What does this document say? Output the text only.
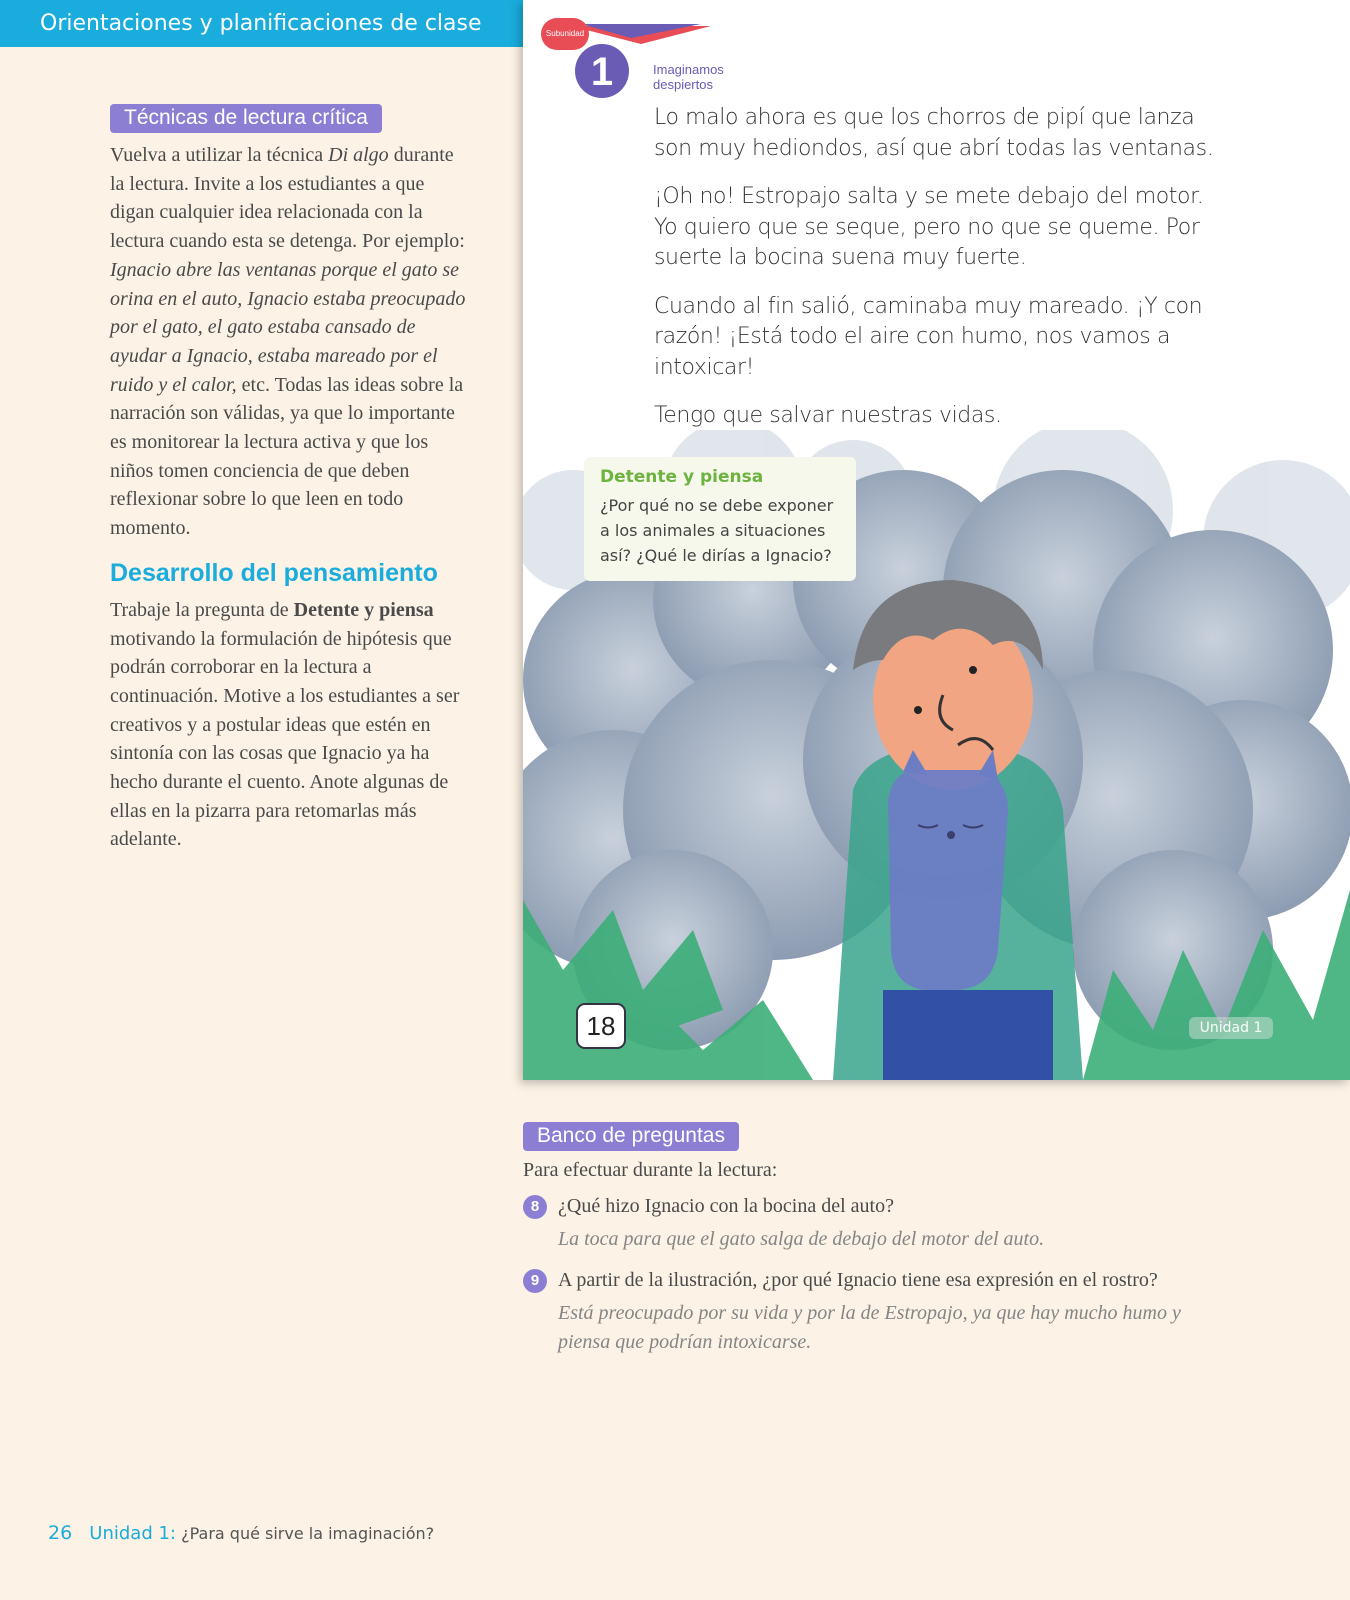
Orientaciones y planificaciones de clase
Técnicas de lectura crítica

Vuelva a utilizar la técnica Di algo durante la lectura. Invite a los estudiantes a que digan cualquier idea relacionada con la lectura cuando esta se detenga. Por ejemplo: Ignacio abre las ventanas porque el gato se orina en el auto, Ignacio estaba preocupado por el gato, el gato estaba cansado de ayudar a Ignacio, estaba mareado por el ruido y el calor, etc. Todas las ideas sobre la narración son válidas, ya que lo importante es monitorear la lectura activa y que los niños tomen conciencia de que deben reflexionar sobre lo que leen en todo momento.

Desarrollo del pensamiento

Trabaje la pregunta de Detente y piensa motivando la formulación de hipótesis que podrán corroborar en la lectura a continuación. Motive a los estudiantes a ser creativos y a postular ideas que estén en sintonía con las cosas que Ignacio ya ha hecho durante el cuento. Anote algunas de ellas en la pizarra para retomarlas más adelante.

Subunidad
1	Imaginamos despiertos

Lo malo ahora es que los chorros de pipí que lanza son muy hediondos, así que abrí todas las ventanas.

¡Oh no! Estropajo salta y se mete debajo del motor. Yo quiero que se seque, pero no que se queme. Por suerte la bocina suena muy fuerte.

Cuando al fin salió, caminaba muy mareado. ¡Y con razón! ¡Está todo el aire con humo, nos vamos a intoxicar!

Tengo que salvar nuestras vidas.

Detente y piensa
¿Por qué no se debe exponer a los animales a situaciones así? ¿Qué le dirías a Ignacio?
18	Unidad 1
Banco de preguntas
Para efectuar durante la lectura:
8 ¿Qué hizo Ignacio con la bocina del auto?
La toca para que el gato salga de debajo del motor del auto.
9 A partir de la ilustración, ¿por qué Ignacio tiene esa expresión en el rostro?
Está preocupado por su vida y por la de Estropajo, ya que hay mucho humo y piensa que podrían intoxicarse.
26 Unidad 1: ¿Para qué sirve la imaginación?
